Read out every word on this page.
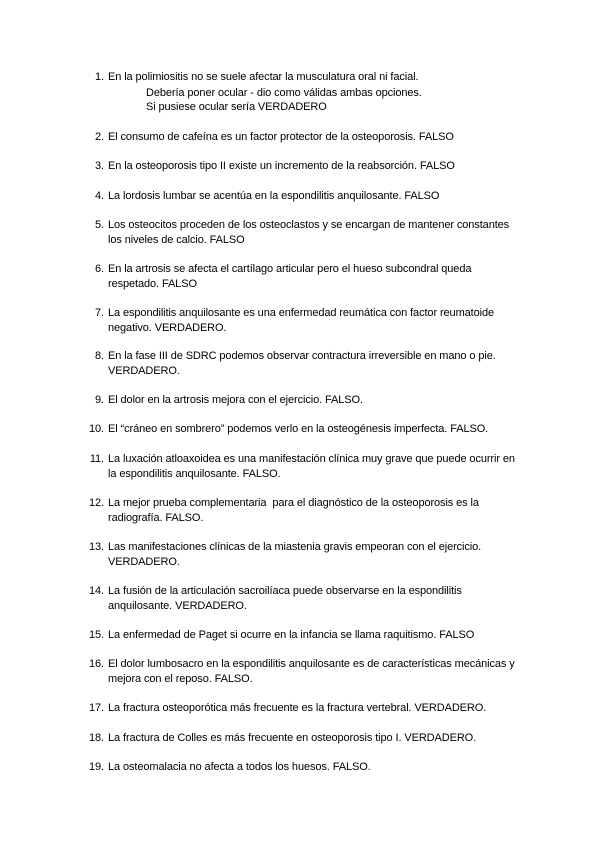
1. En la polimiositis no se suele afectar la musculatura oral ni facial.
Debería poner ocular - dio como válidas ambas opciones.
Si pusiese ocular sería VERDADERO
2. El consumo de cafeína es un factor protector de la osteoporosis. FALSO
3. En la osteoporosis tipo II existe un incremento de la reabsorción. FALSO
4. La lordosis lumbar se acentúa en la espondilitis anquilosante. FALSO
5. Los osteocitos proceden de los osteoclastos y se encargan de mantener constantes
los niveles de calcio. FALSO
6. En la artrosis se afecta el cartílago articular pero el hueso subcondral queda
respetado. FALSO
7. La espondilitis anquilosante es una enfermedad reumática con factor reumatoide
negativo. VERDADERO.
8. En la fase III de SDRC podemos observar contractura irreversible en mano o pie.
VERDADERO.
9. El dolor en la artrosis mejora con el ejercicio. FALSO.
10. El “cráneo en sombrero” podemos verlo en la osteogénesis imperfecta. FALSO.
11. La luxación atloaxoidea es una manifestación clínica muy grave que puede ocurrir en
la espondilitis anquilosante. FALSO.
12. La mejor prueba complementaria  para el diagnóstico de la osteoporosis es la
radiografía. FALSO.
13. Las manifestaciones clínicas de la miastenia gravis empeoran con el ejercicio.
VERDADERO.
14. La fusión de la articulación sacroilíaca puede observarse en la espondilitis
anquilosante. VERDADERO.
15. La enfermedad de Paget si ocurre en la infancia se llama raquitismo. FALSO
16. El dolor lumbosacro en la espondilitis anquilosante es de características mecánicas y
mejora con el reposo. FALSO.
17. La fractura osteoporótica más frecuente es la fractura vertebral. VERDADERO.
18. La fractura de Colles es más frecuente en osteoporosis tipo I. VERDADERO.
19. La osteomalacia no afecta a todos los huesos. FALSO.
